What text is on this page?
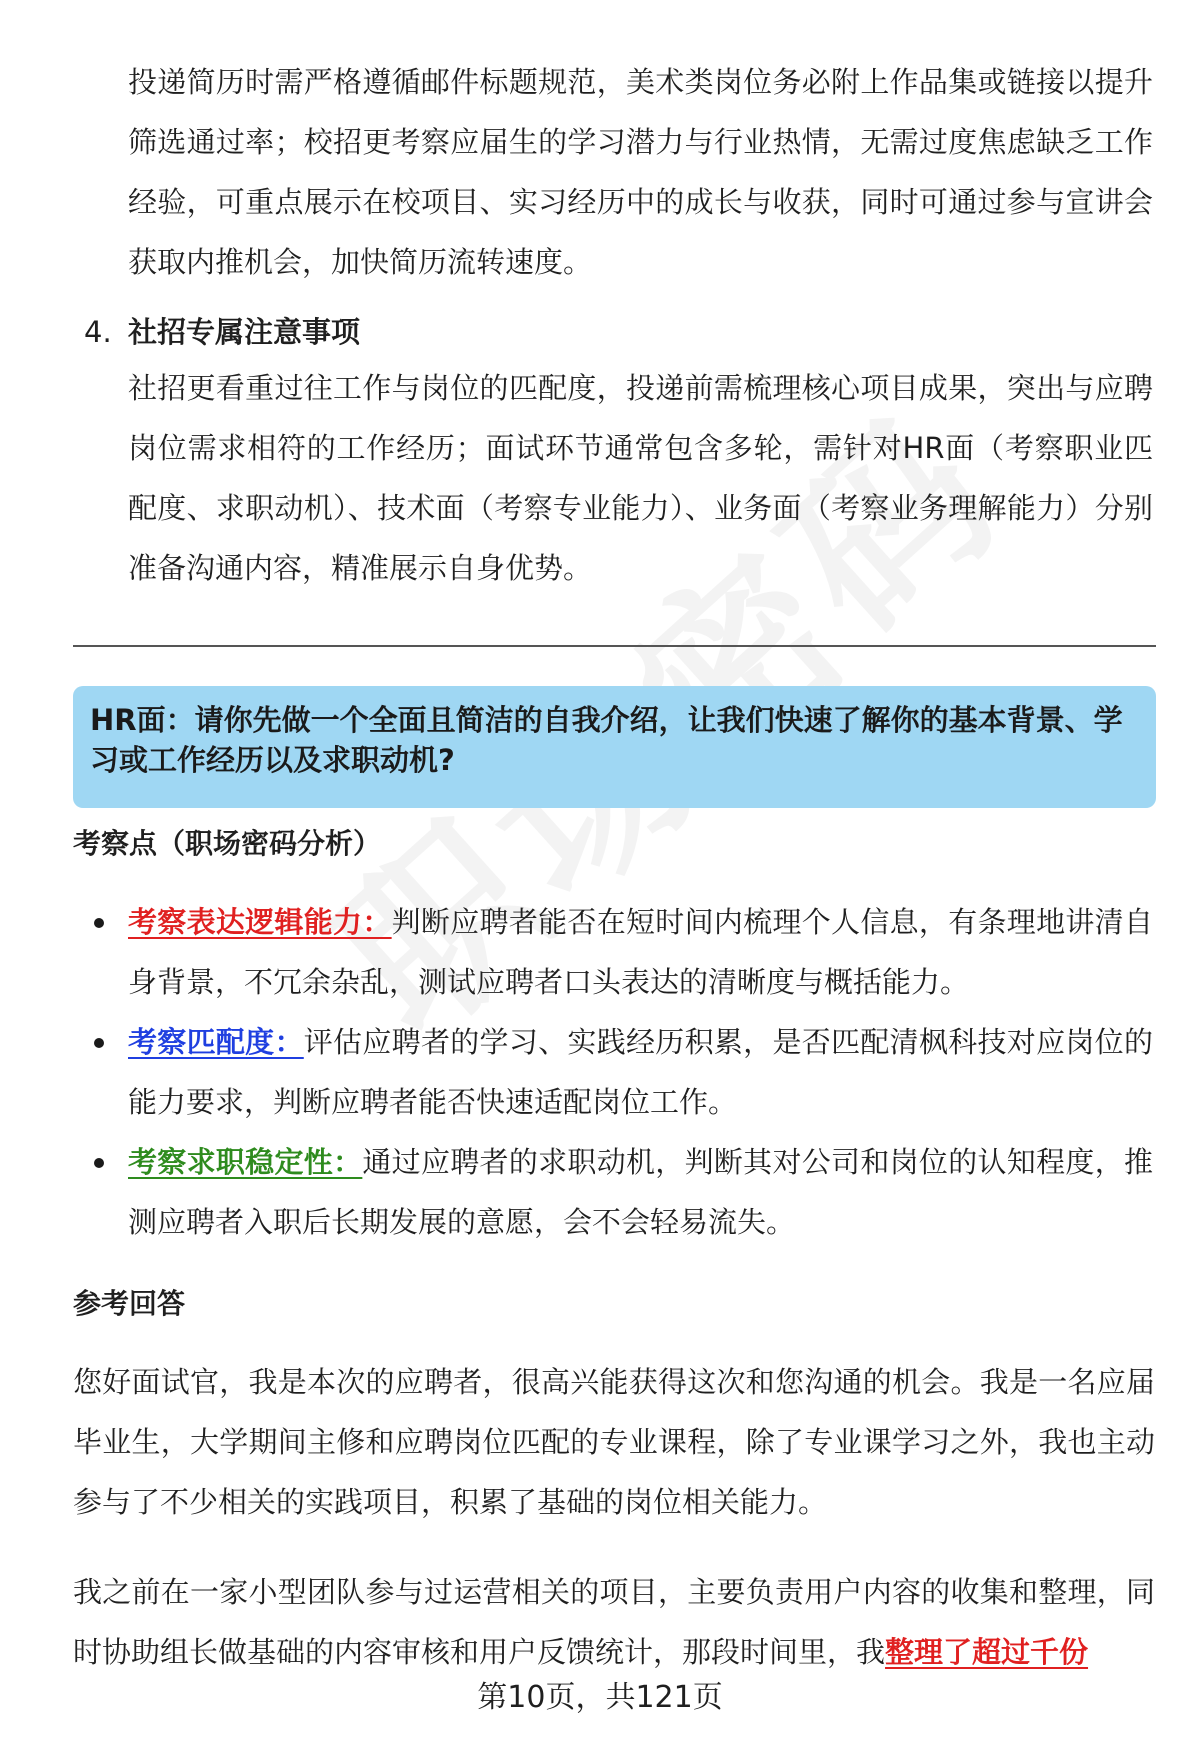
投递简历时需严格遵循邮件标题规范，美术类岗位务必附上作品集或链接以提升筛选通过率；校招更考察应届生的学习潜力与行业热情，无需过度焦虑缺乏工作经验，可重点展示在校项目、实习经历中的成长与收获，同时可通过参与宣讲会获取内推机会，加快简历流转速度。

4. 社招专属注意事项

社招更看重过往工作与岗位的匹配度，投递前需梳理核心项目成果，突出与应聘岗位需求相符的工作经历；面试环节通常包含多轮，需针对HR面（考察职业匹配度、求职动机）、技术面（考察专业能力）、业务面（考察业务理解能力）分别准备沟通内容，精准展示自身优势。

HR面：请你先做一个全面且简洁的自我介绍，让我们快速了解你的基本背景、学习或工作经历以及求职动机?

考察点（职场密码分析）
考察表达逻辑能力：判断应聘者能否在短时间内梳理个人信息，有条理地讲清自身背景，不冗余杂乱，测试应聘者口头表达的清晰度与概括能力。
考察匹配度：评估应聘者的学习、实践经历积累，是否匹配清枫科技对应岗位的能力要求，判断应聘者能否快速适配岗位工作。
考察求职稳定性：通过应聘者的求职动机，判断其对公司和岗位的认知程度，推测应聘者入职后长期发展的意愿，会不会轻易流失。
参考回答

您好面试官，我是本次的应聘者，很高兴能获得这次和您沟通的机会。我是一名应届毕业生，大学期间主修和应聘岗位匹配的专业课程，除了专业课学习之外，我也主动参与了不少相关的实践项目，积累了基础的岗位相关能力。

我之前在一家小型团队参与过运营相关的项目，主要负责用户内容的收集和整理，同时协助组长做基础的内容审核和用户反馈统计，那段时间里，我整理了超过千份

第10页，共121页
